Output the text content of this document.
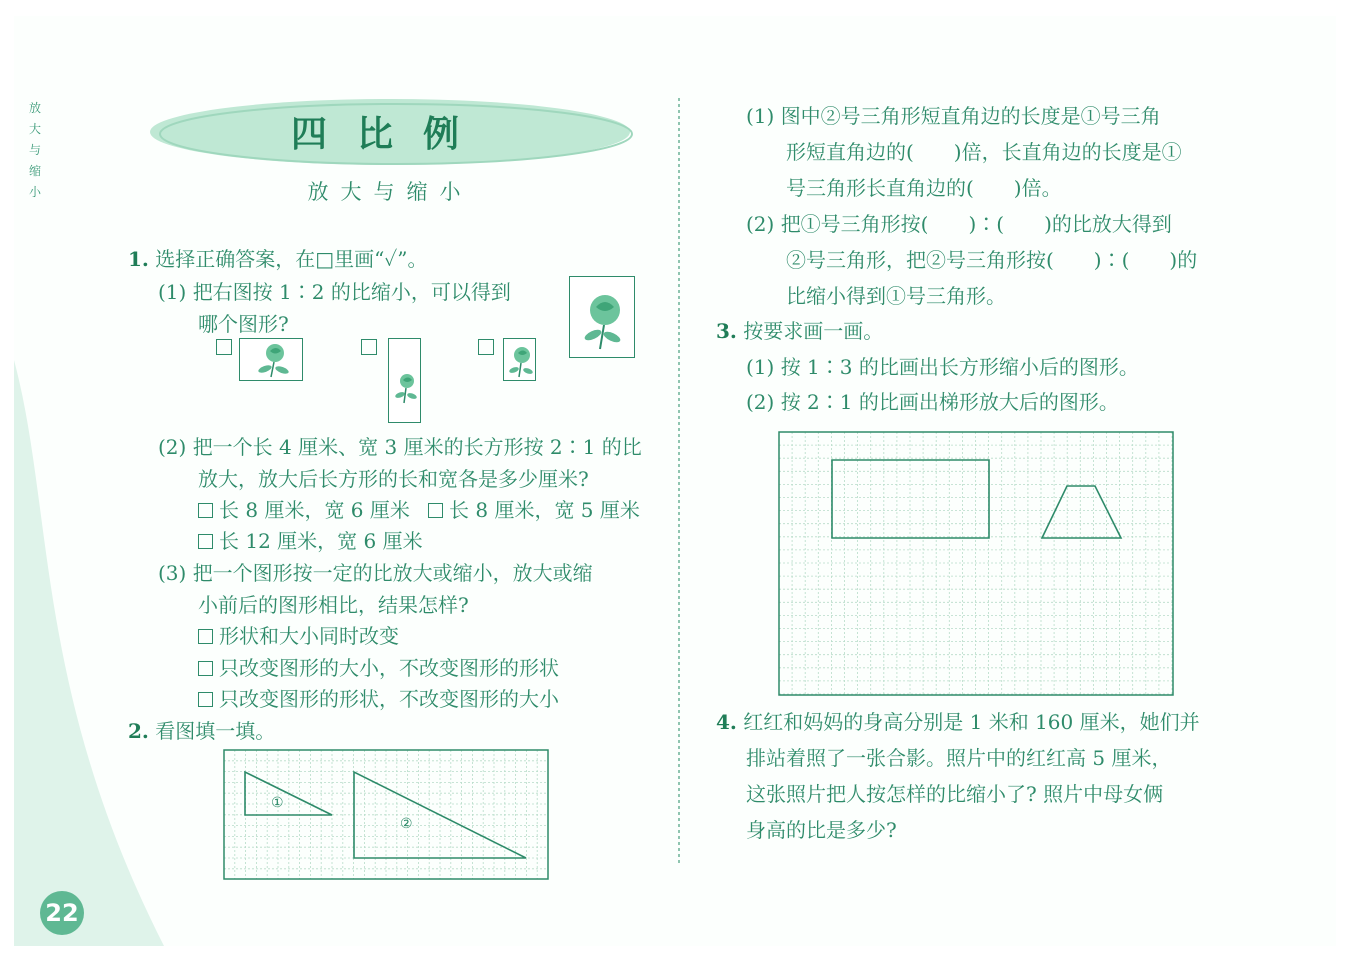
放
大
与
缩
小
四比例
放大与缩小
1. 选择正确答案，在□里画“✓”。
(1) 把右图按 1∶2 的比缩小，可以得到
哪个图形?
(2) 把一个长 4 厘米、宽 3 厘米的长方形按 2∶1 的比
放大，放大后长方形的长和宽各是多少厘米?
长 8 厘米，宽 6 厘米	长 8 厘米，宽 5 厘米
长 12 厘米，宽 6 厘米
(3) 把一个图形按一定的比放大或缩小，放大或缩
小前后的图形相比，结果怎样?
形状和大小同时改变
只改变图形的大小，不改变图形的形状
只改变图形的形状，不改变图形的大小
2. 看图填一填。
①
②
(1) 图中②号三角形短直角边的长度是①号三角
形短直角边的(　　)倍，长直角边的长度是①
号三角形长直角边的(　　)倍。
(2) 把①号三角形按(　　)∶(　　)的比放大得到
②号三角形，把②号三角形按(　　)∶(　　)的
比缩小得到①号三角形。
3. 按要求画一画。
(1) 按 1∶3 的比画出长方形缩小后的图形。
(2) 按 2∶1 的比画出梯形放大后的图形。
4. 红红和妈妈的身高分别是 1 米和 160 厘米，她们并
排站着照了一张合影。照片中的红红高 5 厘米，
这张照片把人按怎样的比缩小了? 照片中母女俩
身高的比是多少?
22
